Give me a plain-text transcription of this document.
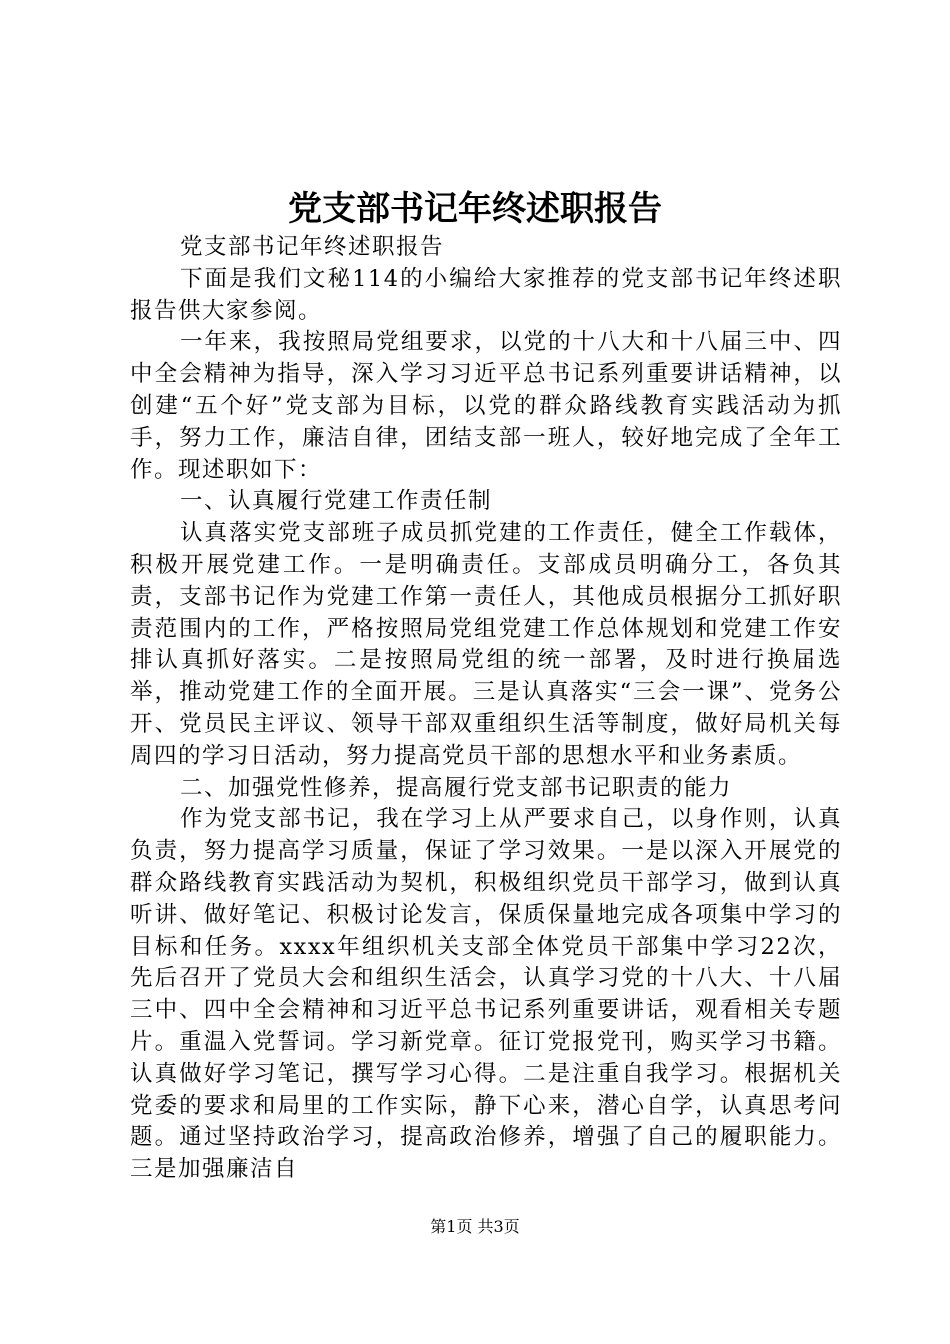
党支部书记年终述职报告

党支部书记年终述职报告

下面是我们文秘114的小编给大家推荐的党支部书记年终述职报告供大家参阅。

一年来，我按照局党组要求，以党的十八大和十八届三中、四中全会精神为指导，深入学习习近平总书记系列重要讲话精神，以创建“五个好”党支部为目标，以党的群众路线教育实践活动为抓手，努力工作，廉洁自律，团结支部一班人，较好地完成了全年工作。现述职如下：

一、认真履行党建工作责任制

认真落实党支部班子成员抓党建的工作责任，健全工作载体，积极开展党建工作。一是明确责任。支部成员明确分工，各负其责，支部书记作为党建工作第一责任人，其他成员根据分工抓好职责范围内的工作，严格按照局党组党建工作总体规划和党建工作安排认真抓好落实。二是按照局党组的统一部署，及时进行换届选举，推动党建工作的全面开展。三是认真落实“三会一课”、党务公开、党员民主评议、领导干部双重组织生活等制度，做好局机关每周四的学习日活动，努力提高党员干部的思想水平和业务素质。

二、加强党性修养，提高履行党支部书记职责的能力

作为党支部书记，我在学习上从严要求自己，以身作则，认真负责，努力提高学习质量，保证了学习效果。一是以深入开展党的群众路线教育实践活动为契机，积极组织党员干部学习，做到认真听讲、做好笔记、积极讨论发言，保质保量地完成各项集中学习的目标和任务。xxxx年组织机关支部全体党员干部集中学习22次，先后召开了党员大会和组织生活会，认真学习党的十八大、十八届三中、四中全会精神和习近平总书记系列重要讲话，观看相关专题片。重温入党誓词。学习新党章。征订党报党刊，购买学习书籍。认真做好学习笔记，撰写学习心得。二是注重自我学习。根据机关党委的要求和局里的工作实际，静下心来，潜心自学，认真思考问题。通过坚持政治学习，提高政治修养，增强了自己的履职能力。三是加强廉洁自

第1页 共3页
